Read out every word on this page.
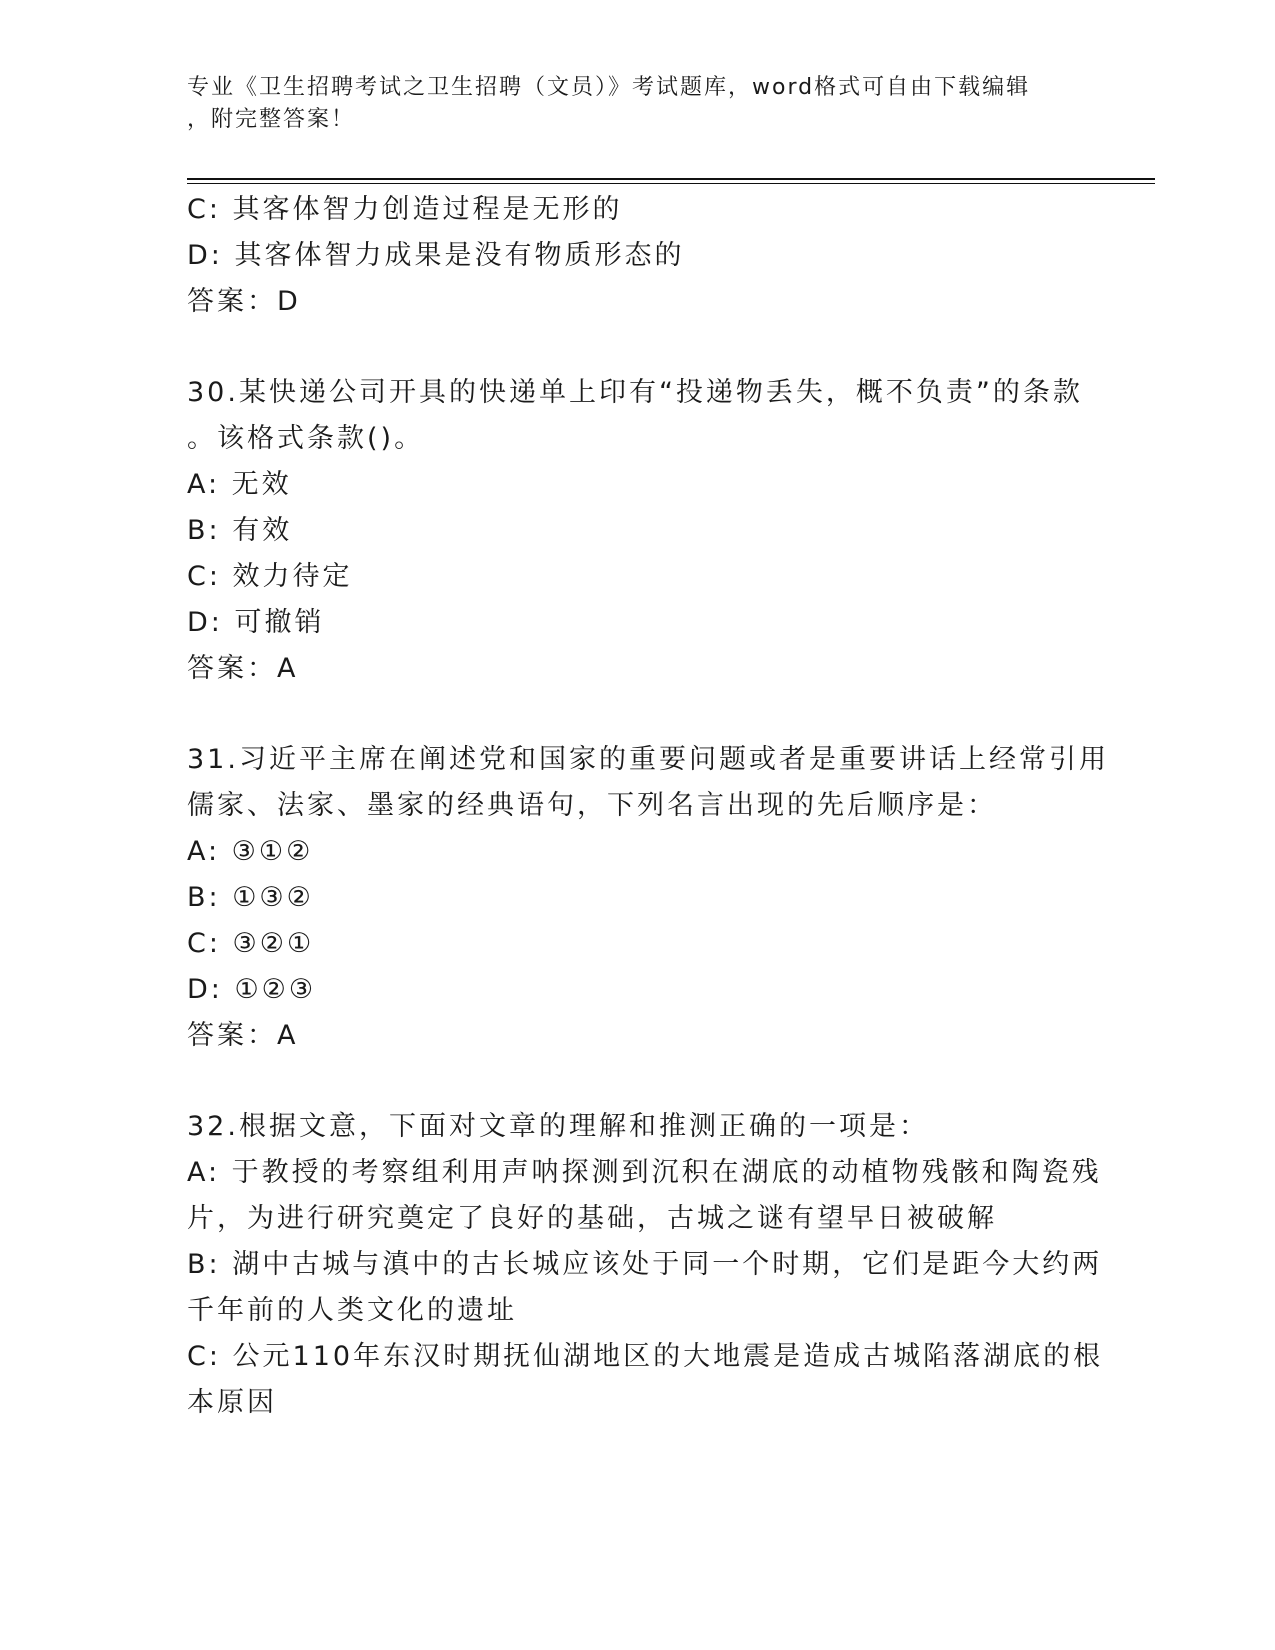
专业《卫生招聘考试之卫生招聘（文员）》考试题库，word格式可自由下载编辑
，附完整答案！
C: 其客体智力创造过程是无形的
D: 其客体智力成果是没有物质形态的
答案：D
30.某快递公司开具的快递单上印有“投递物丢失，概不负责”的条款
。该格式条款()。
A: 无效
B: 有效
C: 效力待定
D: 可撤销
答案：A
31.习近平主席在阐述党和国家的重要问题或者是重要讲话上经常引用
儒家、法家、墨家的经典语句，下列名言出现的先后顺序是：
A: ③①②
B: ①③②
C: ③②①
D: ①②③
答案：A
32.根据文意，下面对文章的理解和推测正确的一项是：
A: 于教授的考察组利用声呐探测到沉积在湖底的动植物残骸和陶瓷残
片，为进行研究奠定了良好的基础，古城之谜有望早日被破解
B: 湖中古城与滇中的古长城应该处于同一个时期，它们是距今大约两
千年前的人类文化的遗址
C: 公元110年东汉时期抚仙湖地区的大地震是造成古城陷落湖底的根
本原因
